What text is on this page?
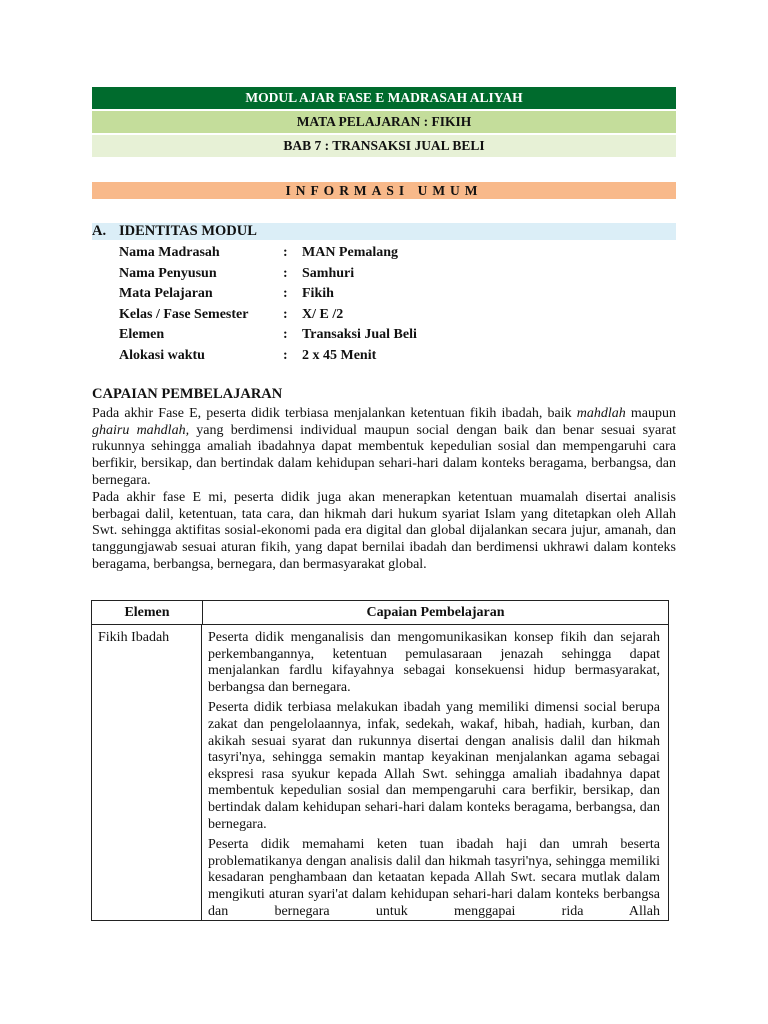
MODUL AJAR FASE E MADRASAH ALIYAH
MATA PELAJARAN : FIKIH
BAB 7 : TRANSAKSI JUAL BELI
INFORMASI UMUM
A. IDENTITAS MODUL
Nama Madrasah	:	MAN Pemalang
Nama Penyusun	:	Samhuri
Mata Pelajaran	:	Fikih
Kelas / Fase Semester	:	X/ E /2
Elemen	:	Transaksi Jual Beli
Alokasi waktu	:	2 x 45 Menit
CAPAIAN PEMBELAJARAN

Pada akhir Fase E, peserta didik terbiasa menjalankan ketentuan fikih ibadah, baik mahdlah maupun ghairu mahdlah, yang berdimensi individual maupun social dengan baik dan benar sesuai syarat rukunnya sehingga amaliah ibadahnya dapat membentuk kepedulian sosial dan mempengaruhi cara berfikir, bersikap, dan bertindak dalam kehidupan sehari-hari dalam konteks beragama, berbangsa, dan bernegara.

Pada akhir fase E mi, peserta didik juga akan menerapkan ketentuan muamalah disertai analisis berbagai dalil, ketentuan, tata cara, dan hikmah dari hukum syariat Islam yang ditetapkan oleh Allah Swt. sehingga aktifitas sosial-ekonomi pada era digital dan global dijalankan secara jujur, amanah, dan tanggungjawab sesuai aturan fikih, yang dapat bernilai ibadah dan berdimensi ukhrawi dalam konteks beragama, berbangsa, bernegara, dan bermasyarakat global.

Elemen	Capaian Pembelajaran
Fikih Ibadah	Peserta didik menganalisis dan mengomunikasikan konsep fikih dan sejarah perkembangannya, ketentuan pemulasaraan jenazah sehingga dapat menjalankan fardlu kifayahnya sebagai konsekuensi hidup bermasyarakat, berbangsa dan bernegara.

Peserta didik terbiasa melakukan ibadah yang memiliki dimensi social berupa zakat dan pengelolaannya, infak, sedekah, wakaf, hibah, hadiah, kurban, dan akikah sesuai syarat dan rukunnya disertai dengan analisis dalil dan hikmah tasyri'nya, sehingga semakin mantap keyakinan menjalankan agama sebagai ekspresi rasa syukur kepada Allah Swt. sehingga amaliah ibadahnya dapat membentuk kepedulian sosial dan mempengaruhi cara berfikir, bersikap, dan bertindak dalam kehidupan sehari-hari dalam konteks beragama, berbangsa, dan bernegara.

Peserta didik memahami keten tuan ibadah haji dan umrah beserta problematikanya dengan analisis dalil dan hikmah tasyri'nya, sehingga memiliki kesadaran penghambaan dan ketaatan kepada Allah Swt. secara mutlak dalam mengikuti aturan syari'at dalam kehidupan sehari-hari dalam konteks berbangsa dan bernegara untuk menggapai rida Allah
